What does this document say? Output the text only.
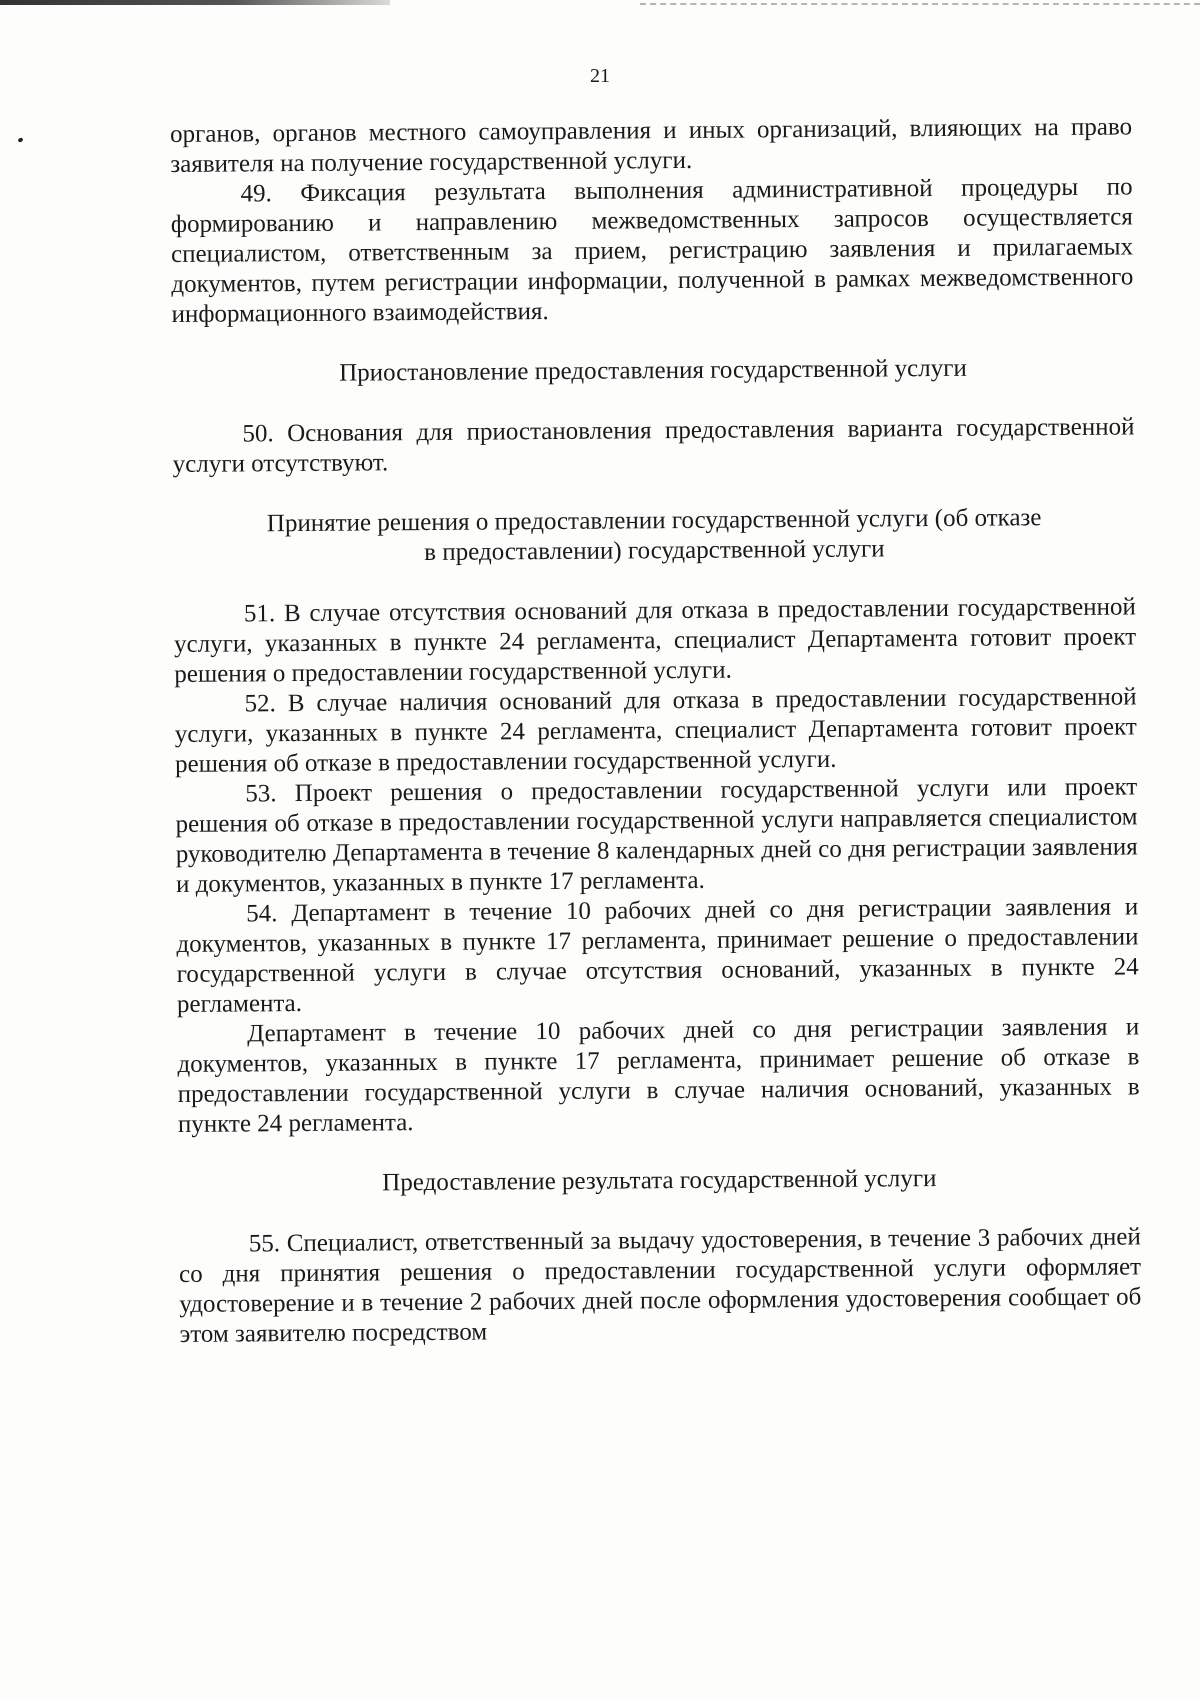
21

органов, органов местного самоуправления и иных организаций, влияющих на право заявителя на получение государственной услуги.

49. Фиксация результата выполнения административной процедуры по формированию и направлению межведомственных запросов осуществляется специалистом, ответственным за прием, регистрацию заявления и прилагаемых документов, путем регистрации информации, полученной в рамках межведомственного информационного взаимодействия.

Приостановление предоставления государственной услуги

50. Основания для приостановления предоставления варианта государственной услуги отсутствуют.

Принятие решения о предоставлении государственной услуги (об отказе в предоставлении) государственной услуги

51. В случае отсутствия оснований для отказа в предоставлении государственной услуги, указанных в пункте 24 регламента, специалист Департамента готовит проект решения о предоставлении государственной услуги.

52. В случае наличия оснований для отказа в предоставлении государственной услуги, указанных в пункте 24 регламента, специалист Департамента готовит проект решения об отказе в предоставлении государственной услуги.

53. Проект решения о предоставлении государственной услуги или проект решения об отказе в предоставлении государственной услуги направляется специалистом руководителю Департамента в течение 8 календарных дней со дня регистрации заявления и документов, указанных в пункте 17 регламента.

54. Департамент в течение 10 рабочих дней со дня регистрации заявления и документов, указанных в пункте 17 регламента, принимает решение о предоставлении государственной услуги в случае отсутствия оснований, указанных в пункте 24 регламента.

Департамент в течение 10 рабочих дней со дня регистрации заявления и документов, указанных в пункте 17 регламента, принимает решение об отказе в предоставлении государственной услуги в случае наличия оснований, указанных в пункте 24 регламента.

Предоставление результата государственной услуги

55. Специалист, ответственный за выдачу удостоверения, в течение 3 рабочих дней со дня принятия решения о предоставлении государственной услуги оформляет удостоверение и в течение 2 рабочих дней после оформления удостоверения сообщает об этом заявителю посредством
